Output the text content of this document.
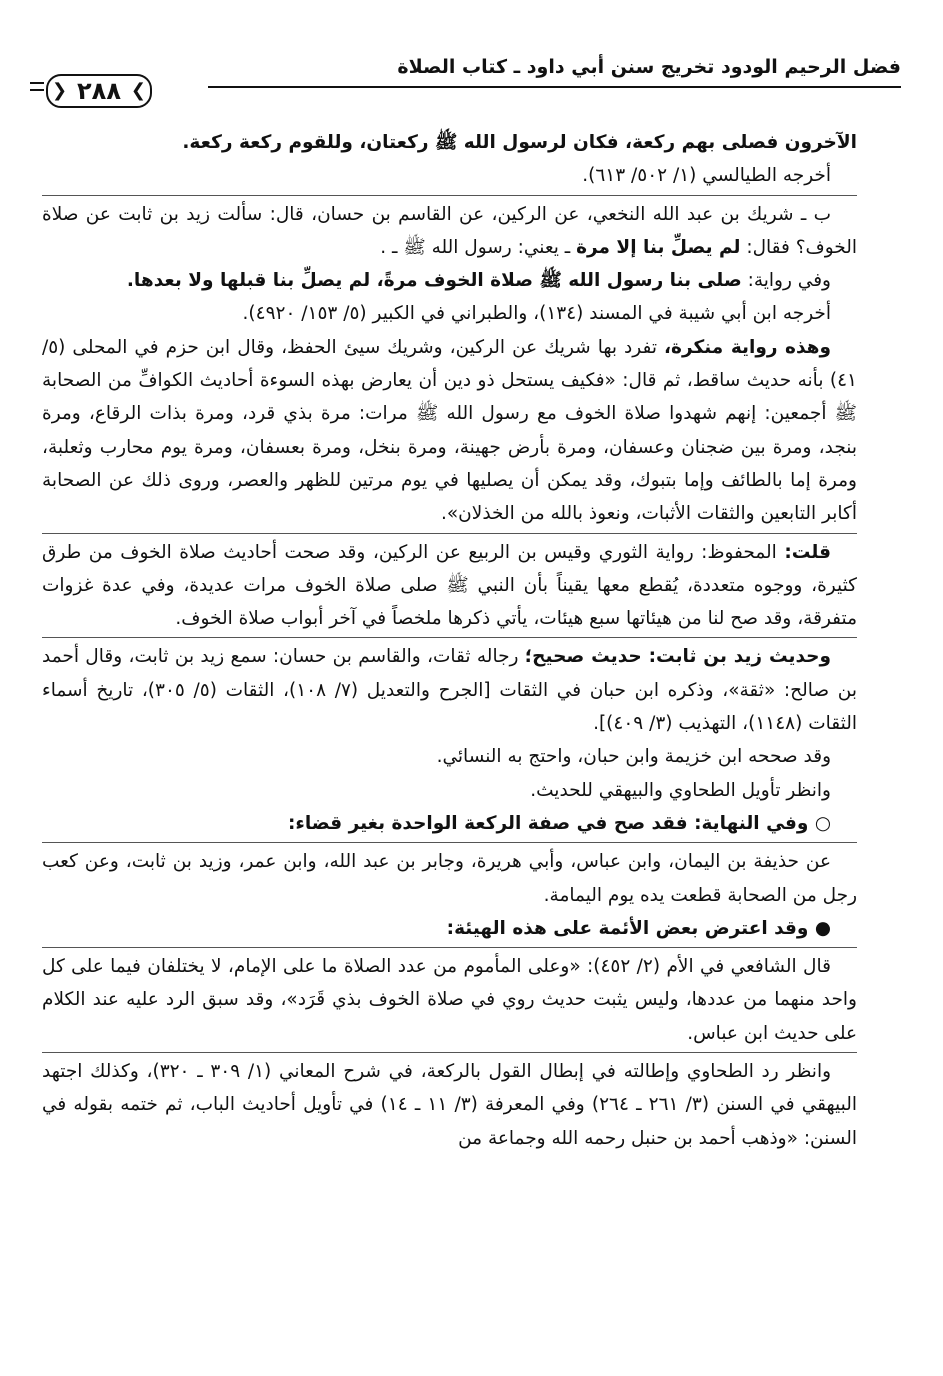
فضل الرحيم الودود تخريج سنن أبي داود ـ كتاب الصلاة
❯
٢٨٨
❮

الآخرون فصلى بهم ركعة، فكان لرسول الله ﷺ ركعتان، وللقوم ركعة ركعة.

أخرجه الطيالسي (١/ ٥٠٢/ ٦١٣).

ب ـ شريك بن عبد الله النخعي، عن الركين، عن القاسم بن حسان، قال: سألت زيد بن ثابت عن صلاة الخوف؟ فقال: لم يصلِّ بنا إلا مرة ـ يعني: رسول الله ﷺ ـ .

وفي رواية: صلى بنا رسول الله ﷺ صلاة الخوف مرةً، لم يصلِّ بنا قبلها ولا بعدها.

أخرجه ابن أبي شيبة في المسند (١٣٤)، والطبراني في الكبير (٥/ ١٥٣/ ٤٩٢٠).

وهذه رواية منكرة، تفرد بها شريك عن الركين، وشريك سيئ الحفظ، وقال ابن حزم في المحلى (٥/ ٤١) بأنه حديث ساقط، ثم قال: «فكيف يستحل ذو دين أن يعارض بهذه السوءة أحاديث الكوافِّ من الصحابة ﷺ أجمعين: إنهم شهدوا صلاة الخوف مع رسول الله ﷺ مرات: مرة بذي قرد، ومرة بذات الرقاع، ومرة بنجد، ومرة بين ضجنان وعسفان، ومرة بأرض جهينة، ومرة بنخل، ومرة بعسفان، ومرة يوم محارب وثعلبة، ومرة إما بالطائف وإما بتبوك، وقد يمكن أن يصليها في يوم مرتين للظهر والعصر، وروى ذلك عن الصحابة أكابر التابعين والثقات الأثبات، ونعوذ بالله من الخذلان».

قلت: المحفوظ: رواية الثوري وقيس بن الربيع عن الركين، وقد صحت أحاديث صلاة الخوف من طرق كثيرة، ووجوه متعددة، يُقطع معها يقيناً بأن النبي ﷺ صلى صلاة الخوف مرات عديدة، وفي عدة غزوات متفرقة، وقد صح لنا من هيئاتها سبع هيئات، يأتي ذكرها ملخصاً في آخر أبواب صلاة الخوف.

وحديث زيد بن ثابت: حديث صحيح؛ رجاله ثقات، والقاسم بن حسان: سمع زيد بن ثابت، وقال أحمد بن صالح: «ثقة»، وذكره ابن حبان في الثقات [الجرح والتعديل (٧/ ١٠٨)، الثقات (٥/ ٣٠٥)، تاريخ أسماء الثقات (١١٤٨)، التهذيب (٣/ ٤٠٩)].

وقد صححه ابن خزيمة وابن حبان، واحتج به النسائي.

وانظر تأويل الطحاوي والبيهقي للحديث.

○ وفي النهاية: فقد صح في صفة الركعة الواحدة بغير قضاء:

عن حذيفة بن اليمان، وابن عباس، وأبي هريرة، وجابر بن عبد الله، وابن عمر، وزيد بن ثابت، وعن كعب رجل من الصحابة قطعت يده يوم اليمامة.

● وقد اعترض بعض الأئمة على هذه الهيئة:

قال الشافعي في الأم (٢/ ٤٥٢): «وعلى المأموم من عدد الصلاة ما على الإمام، لا يختلفان فيما على كل واحد منهما من عددها، وليس يثبت حديث روي في صلاة الخوف بذي قَرَد»، وقد سبق الرد عليه عند الكلام على حديث ابن عباس.

وانظر رد الطحاوي وإطالته في إبطال القول بالركعة، في شرح المعاني (١/ ٣٠٩ ـ ٣٢٠)، وكذلك اجتهد البيهقي في السنن (٣/ ٢٦١ ـ ٢٦٤) وفي المعرفة (٣/ ١١ ـ ١٤) في تأويل أحاديث الباب، ثم ختمه بقوله في السنن: «وذهب أحمد بن حنبل رحمه الله وجماعة من
